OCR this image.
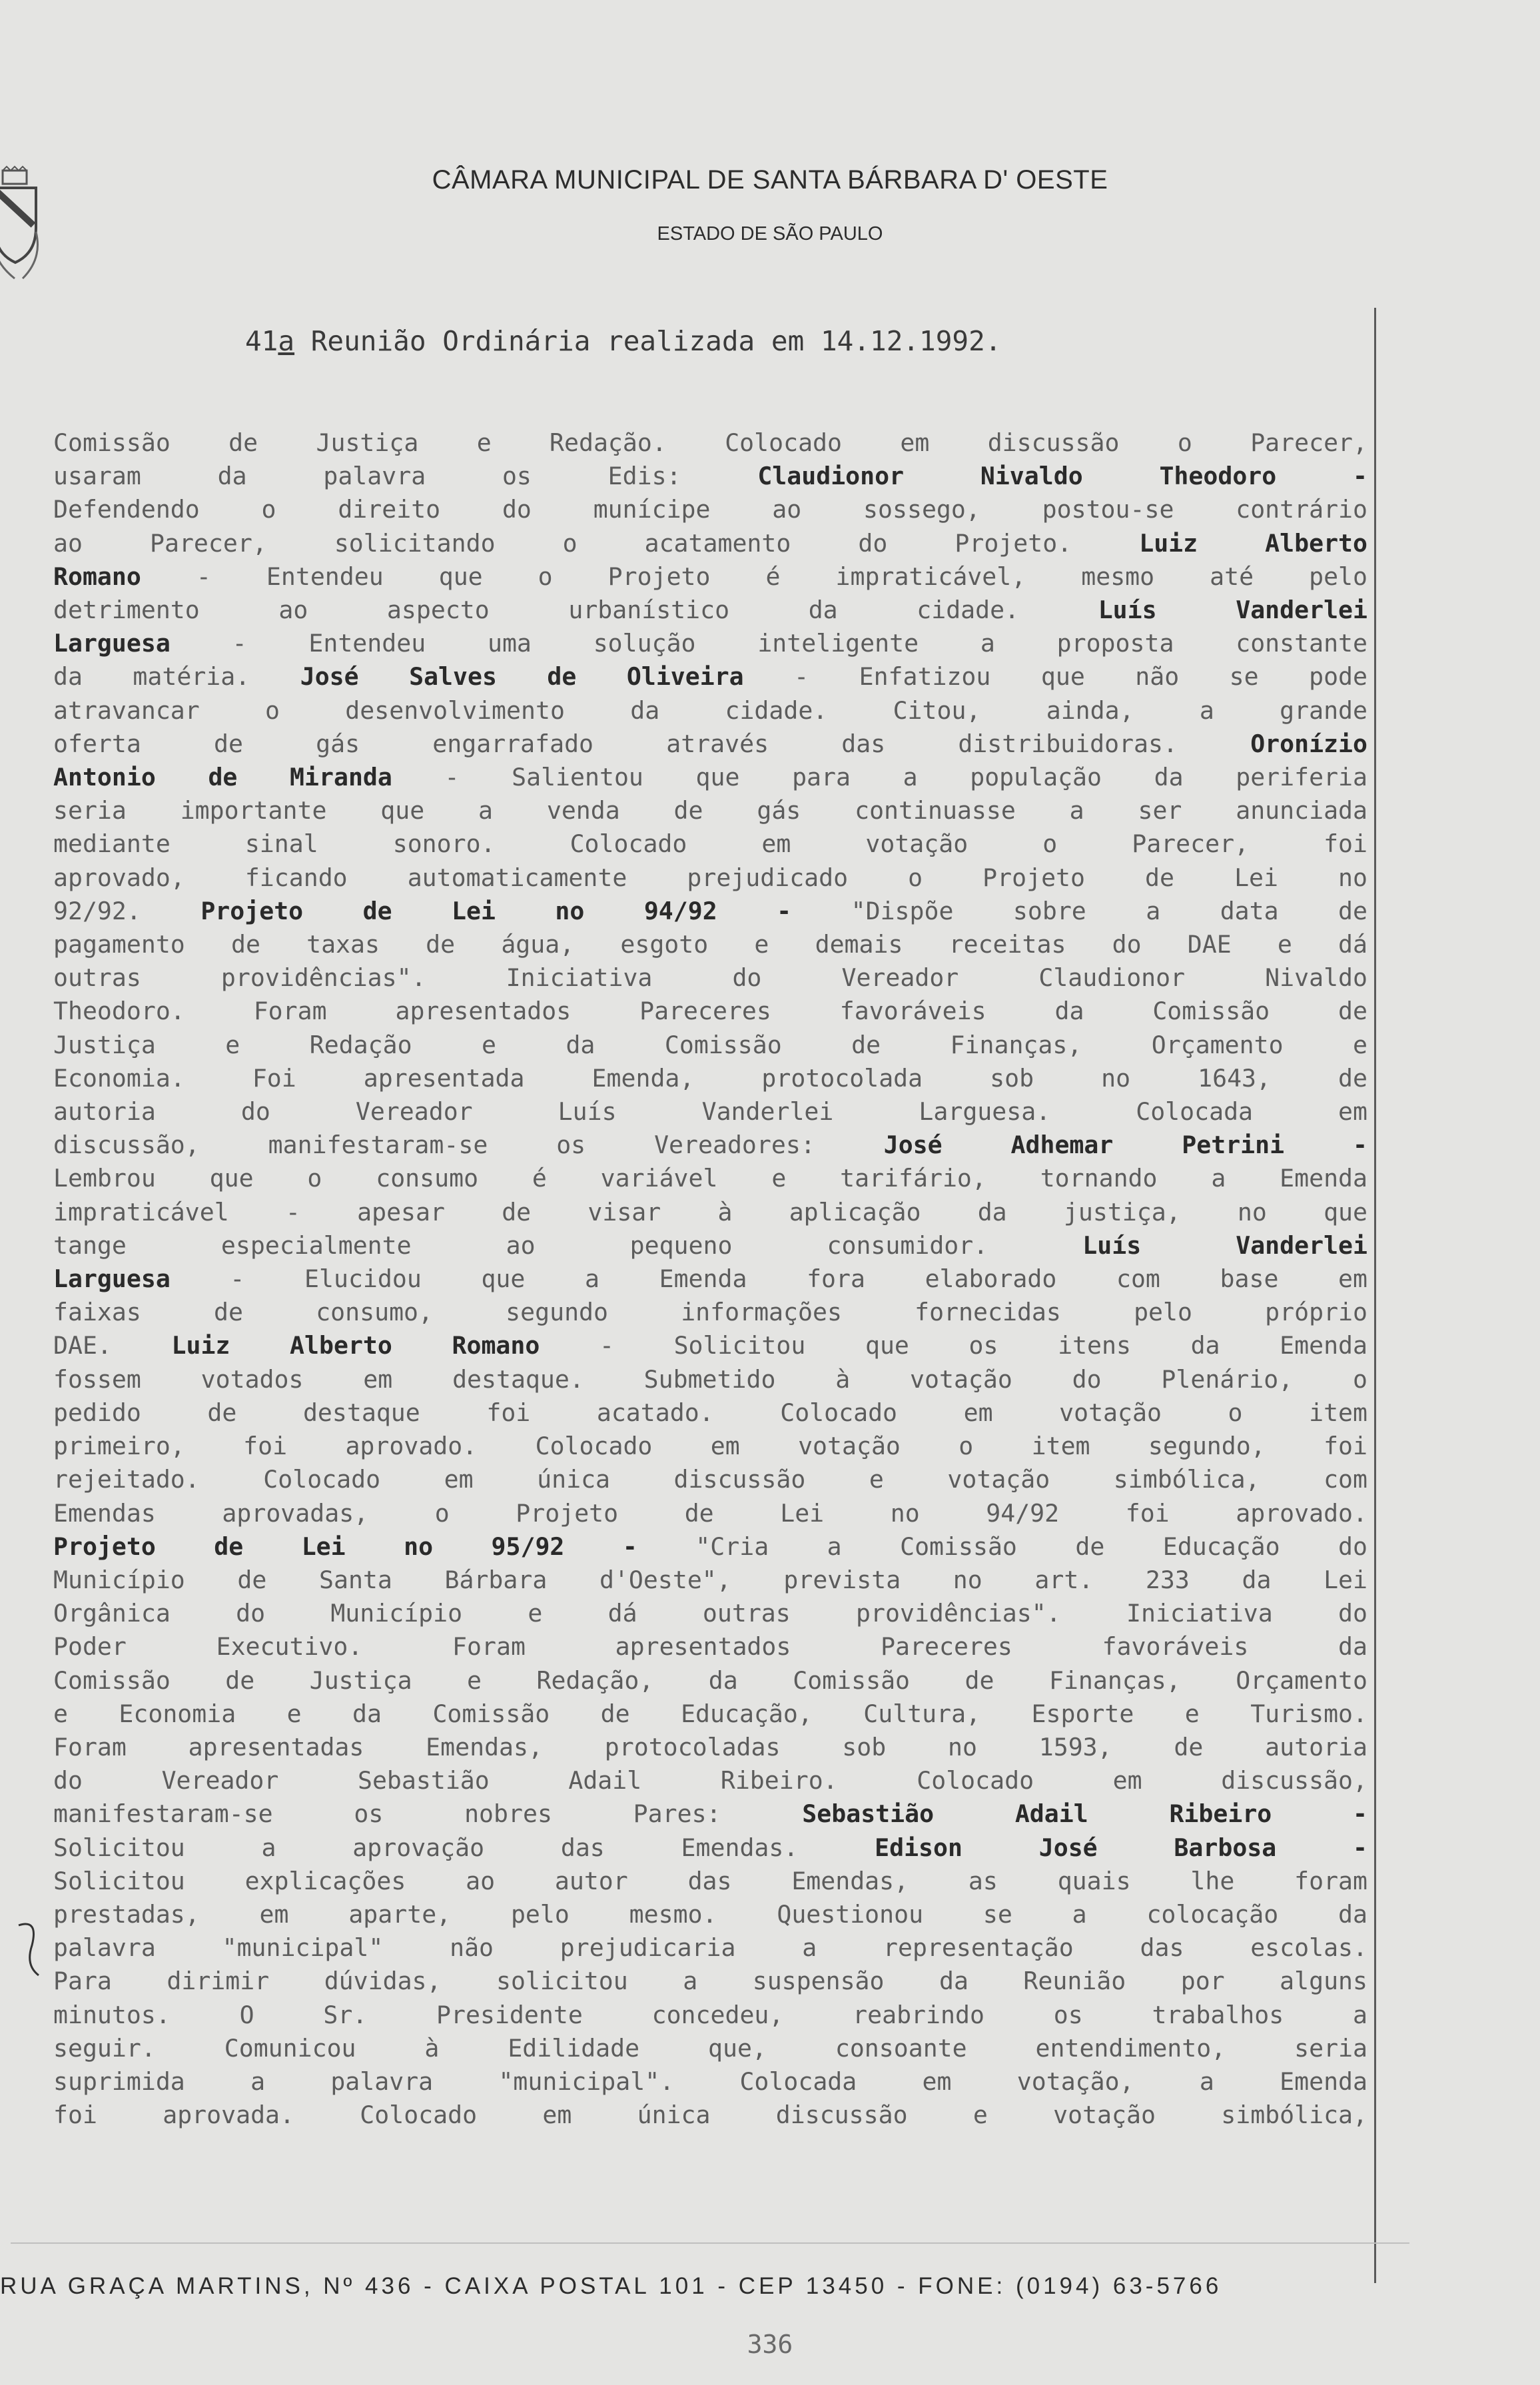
CÂMARA MUNICIPAL DE SANTA BÁRBARA D' OESTE
ESTADO DE SÃO PAULO
41a Reunião Ordinária realizada em 14.12.1992.
Comissão de Justiça e Redação. Colocado em discussão o Parecer,
usaram da palavra os Edis: Claudionor Nivaldo Theodoro -
Defendendo o direito do munícipe ao sossego, postou-se contrário
ao Parecer, solicitando o acatamento do Projeto. Luiz Alberto
Romano - Entendeu que o Projeto é impraticável, mesmo até pelo
detrimento ao aspecto urbanístico da cidade. Luís Vanderlei
Larguesa - Entendeu uma solução inteligente a proposta constante
da matéria. José Salves de Oliveira - Enfatizou que não se pode
atravancar o desenvolvimento da cidade. Citou, ainda, a grande
oferta de gás engarrafado através das distribuidoras. Oronízio
Antonio de Miranda - Salientou que para a população da periferia
seria importante que a venda de gás continuasse a ser anunciada
mediante sinal sonoro. Colocado em votação o Parecer, foi
aprovado, ficando automaticamente prejudicado o Projeto de Lei no
92/92. Projeto de Lei no 94/92 - "Dispõe sobre a data de
pagamento de taxas de água, esgoto e demais receitas do DAE e dá
outras providências". Iniciativa do Vereador Claudionor Nivaldo
Theodoro. Foram apresentados Pareceres favoráveis da Comissão de
Justiça e Redação e da Comissão de Finanças, Orçamento e
Economia. Foi apresentada Emenda, protocolada sob no 1643, de
autoria do Vereador Luís Vanderlei Larguesa. Colocada em
discussão, manifestaram-se os Vereadores: José Adhemar Petrini -
Lembrou que o consumo é variável e tarifário, tornando a Emenda
impraticável - apesar de visar à aplicação da justiça, no que
tange especialmente ao pequeno consumidor. Luís Vanderlei
Larguesa - Elucidou que a Emenda fora elaborado com base em
faixas de consumo, segundo informações fornecidas pelo próprio
DAE. Luiz Alberto Romano - Solicitou que os itens da Emenda
fossem votados em destaque. Submetido à votação do Plenário, o
pedido de destaque foi acatado. Colocado em votação o item
primeiro, foi aprovado. Colocado em votação o item segundo, foi
rejeitado. Colocado em única discussão e votação simbólica, com
Emendas aprovadas, o Projeto de Lei no 94/92 foi aprovado.
Projeto de Lei no 95/92 - "Cria a Comissão de Educação do
Município de Santa Bárbara d'Oeste", prevista no art. 233 da Lei
Orgânica do Município e dá outras providências". Iniciativa do
Poder Executivo. Foram apresentados Pareceres favoráveis da
Comissão de Justiça e Redação, da Comissão de Finanças, Orçamento
e Economia e da Comissão de Educação, Cultura, Esporte e Turismo.
Foram apresentadas Emendas, protocoladas sob no 1593, de autoria
do Vereador Sebastião Adail Ribeiro. Colocado em discussão,
manifestaram-se os nobres Pares: Sebastião Adail Ribeiro -
Solicitou a aprovação das Emendas. Edison José Barbosa -
Solicitou explicações ao autor das Emendas, as quais lhe foram
prestadas, em aparte, pelo mesmo. Questionou se a colocação da
palavra "municipal" não prejudicaria a representação das escolas.
Para dirimir dúvidas, solicitou a suspensão da Reunião por alguns
minutos. O Sr. Presidente concedeu, reabrindo os trabalhos a
seguir. Comunicou à Edilidade que, consoante entendimento, seria
suprimida a palavra "municipal". Colocada em votação, a Emenda
foi aprovada. Colocado em única discussão e votação simbólica,
RUA GRAÇA MARTINS, Nº 436 - CAIXA POSTAL 101 - CEP 13450 - FONE: (0194) 63-5766
336
